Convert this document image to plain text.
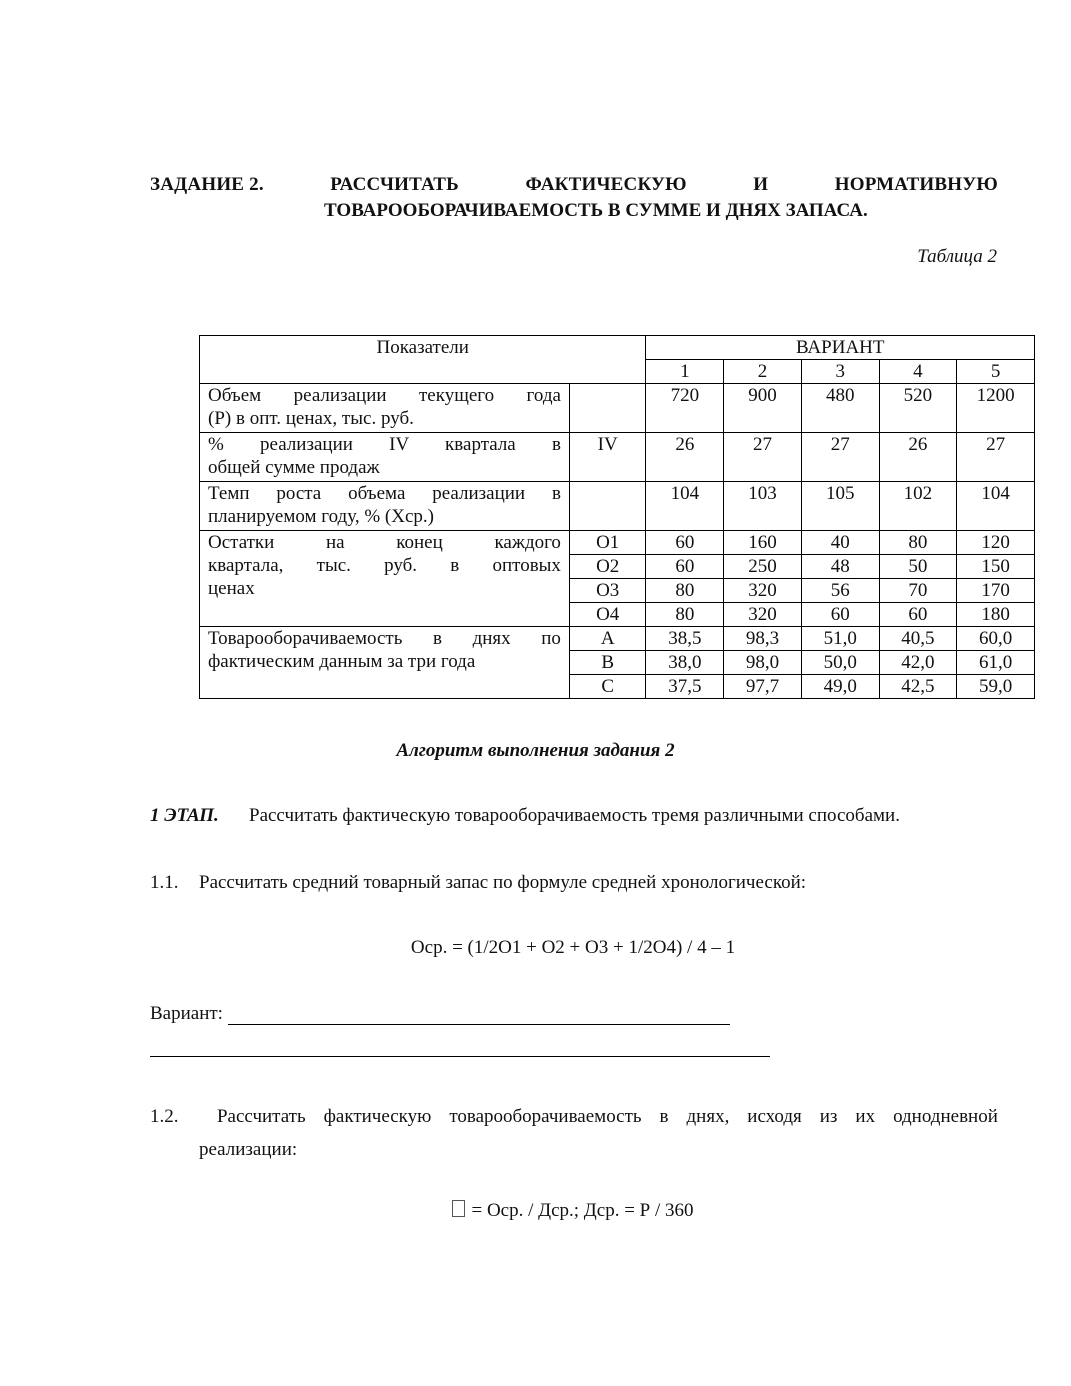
ЗАДАНИЕ 2.	РАССЧИТАТЬ	ФАКТИЧЕСКУЮ	И	НОРМАТИВНУЮ
ТОВАРООБОРАЧИВАЕМОСТЬ В СУММЕ И ДНЯХ ЗАПАСА.
Таблица 2
Показатели		ВАРИАНТ				
		1	2	3	4	5

Объем реализации текущего года
(Р) в опт. ценах, тыс. руб.		720	900	480	520	1200

% реализации IV квартала в
общей сумме продаж	IV	26	27	27	26	27

Темп роста объема реализации в
планируемом году, % (Хср.)		104	103	105	102	104

Остатки на конец каждого
квартала, тыс. руб. в оптовых
ценах	О1	60	160	40	80	120
	О2	60	250	48	50	150
	О3	80	320	56	70	170
	О4	80	320	60	60	180

Товарооборачиваемость в днях по
фактическим данным за три года	А	38,5	98,3	51,0	40,5	60,0
	В	38,0	98,0	50,0	42,0	61,0
	С	37,5	97,7	49,0	42,5	59,0
Алгоритм выполнения задания 2
1 ЭТАП. Рассчитать фактическую товарооборачиваемость тремя различными способами.
1.1. Рассчитать средний товарный запас по формуле средней хронологической:
Оср. = (1/2О1 + О2 + О3 + 1/2О4) / 4 – 1
Вариант:
1.2.	Рассчитать фактическую товарооборачиваемость в днях, исходя из их однодневной
реализации:
= Оср. / Дср.; Дср. = Р / 360
